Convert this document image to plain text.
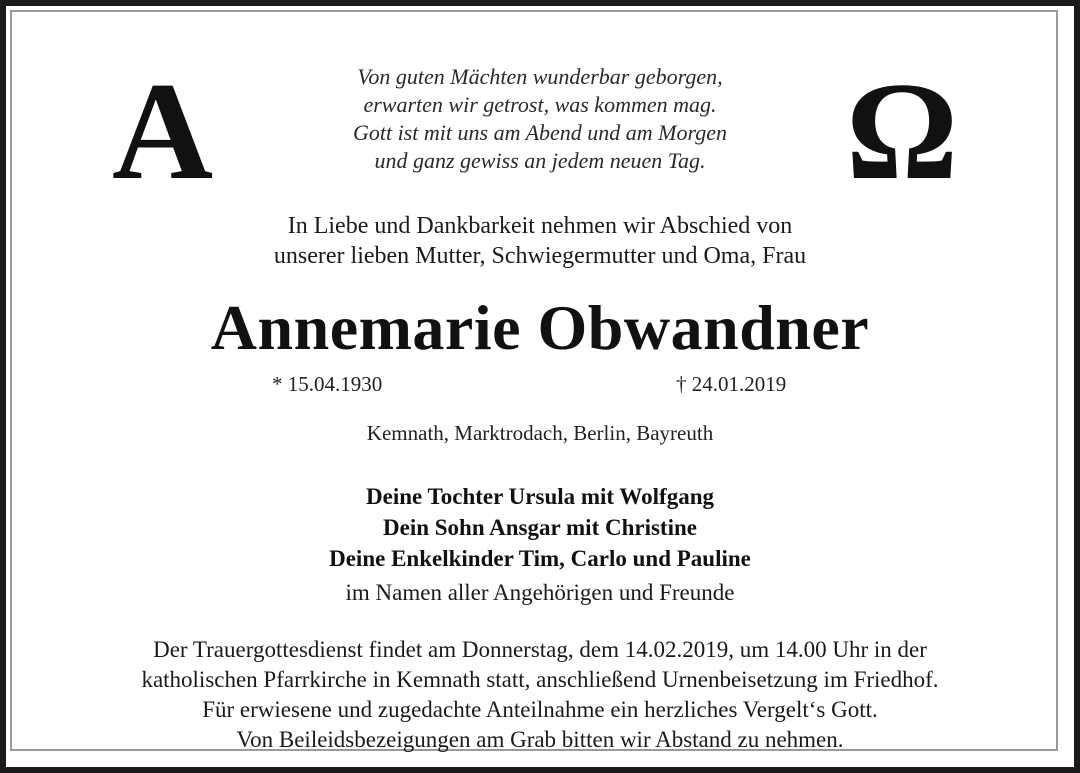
A	Ω
Von guten Mächten wunderbar geborgen,
erwarten wir getrost, was kommen mag.
Gott ist mit uns am Abend und am Morgen
und ganz gewiss an jedem neuen Tag.
In Liebe und Dankbarkeit nehmen wir Abschied von
unserer lieben Mutter, Schwiegermutter und Oma, Frau
Annemarie Obwandner
* 15.04.1930	† 24.01.2019
Kemnath, Marktrodach, Berlin, Bayreuth
Deine Tochter Ursula mit Wolfgang
Dein Sohn Ansgar mit Christine
Deine Enkelkinder Tim, Carlo und Pauline
im Namen aller Angehörigen und Freunde
Der Trauergottesdienst findet am Donnerstag, dem 14.02.2019, um 14.00 Uhr in der
katholischen Pfarrkirche in Kemnath statt, anschließend Urnenbeisetzung im Friedhof.
Für erwiesene und zugedachte Anteilnahme ein herzliches Vergelt‘s Gott.
Von Beileidsbezeigungen am Grab bitten wir Abstand zu nehmen.
